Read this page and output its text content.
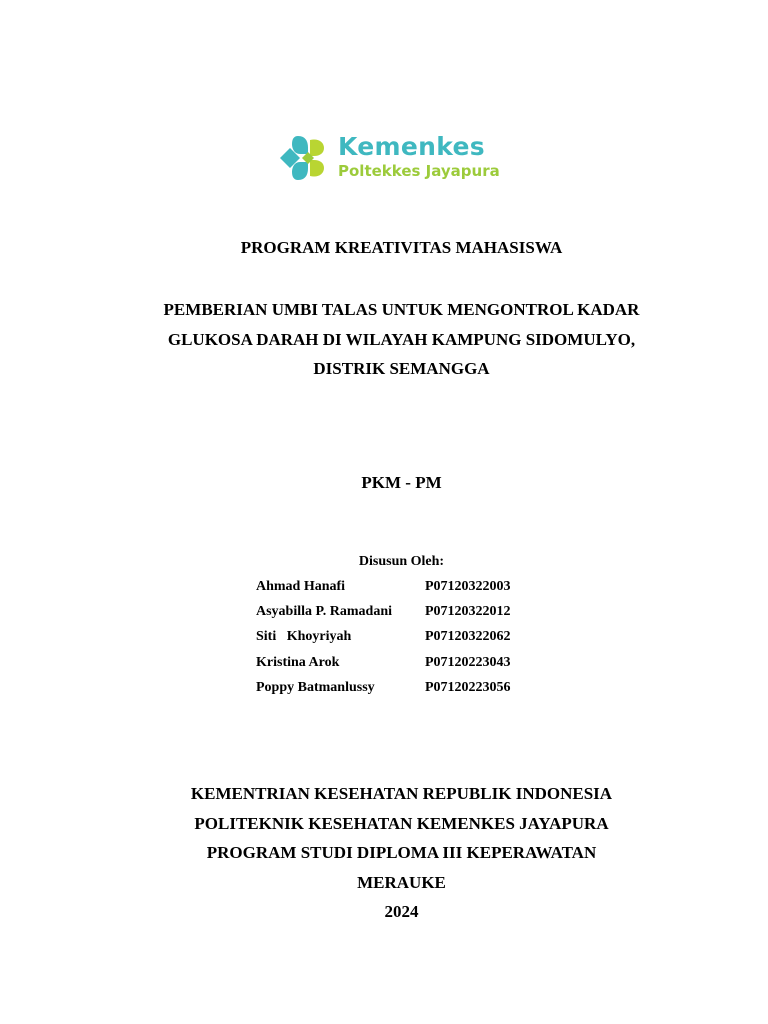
Kemenkes
Poltekkes Jayapura
PROGRAM KREATIVITAS MAHASISWA
PEMBERIAN UMBI TALAS UNTUK MENGONTROL KADAR
GLUKOSA DARAH DI WILAYAH KAMPUNG SIDOMULYO,
DISTRIK SEMANGGA
PKM - PM
Disusun Oleh:
Ahmad Hanafi	P07120322003
Asyabilla P. Ramadani P07120322012
Siti   Khoyriyah	P07120322062
Kristina Arok	P07120223043
Poppy Batmanlussy	P07120223056
KEMENTRIAN KESEHATAN REPUBLIK INDONESIA
POLITEKNIK KESEHATAN KEMENKES JAYAPURA
PROGRAM STUDI DIPLOMA III KEPERAWATAN
MERAUKE
2024
